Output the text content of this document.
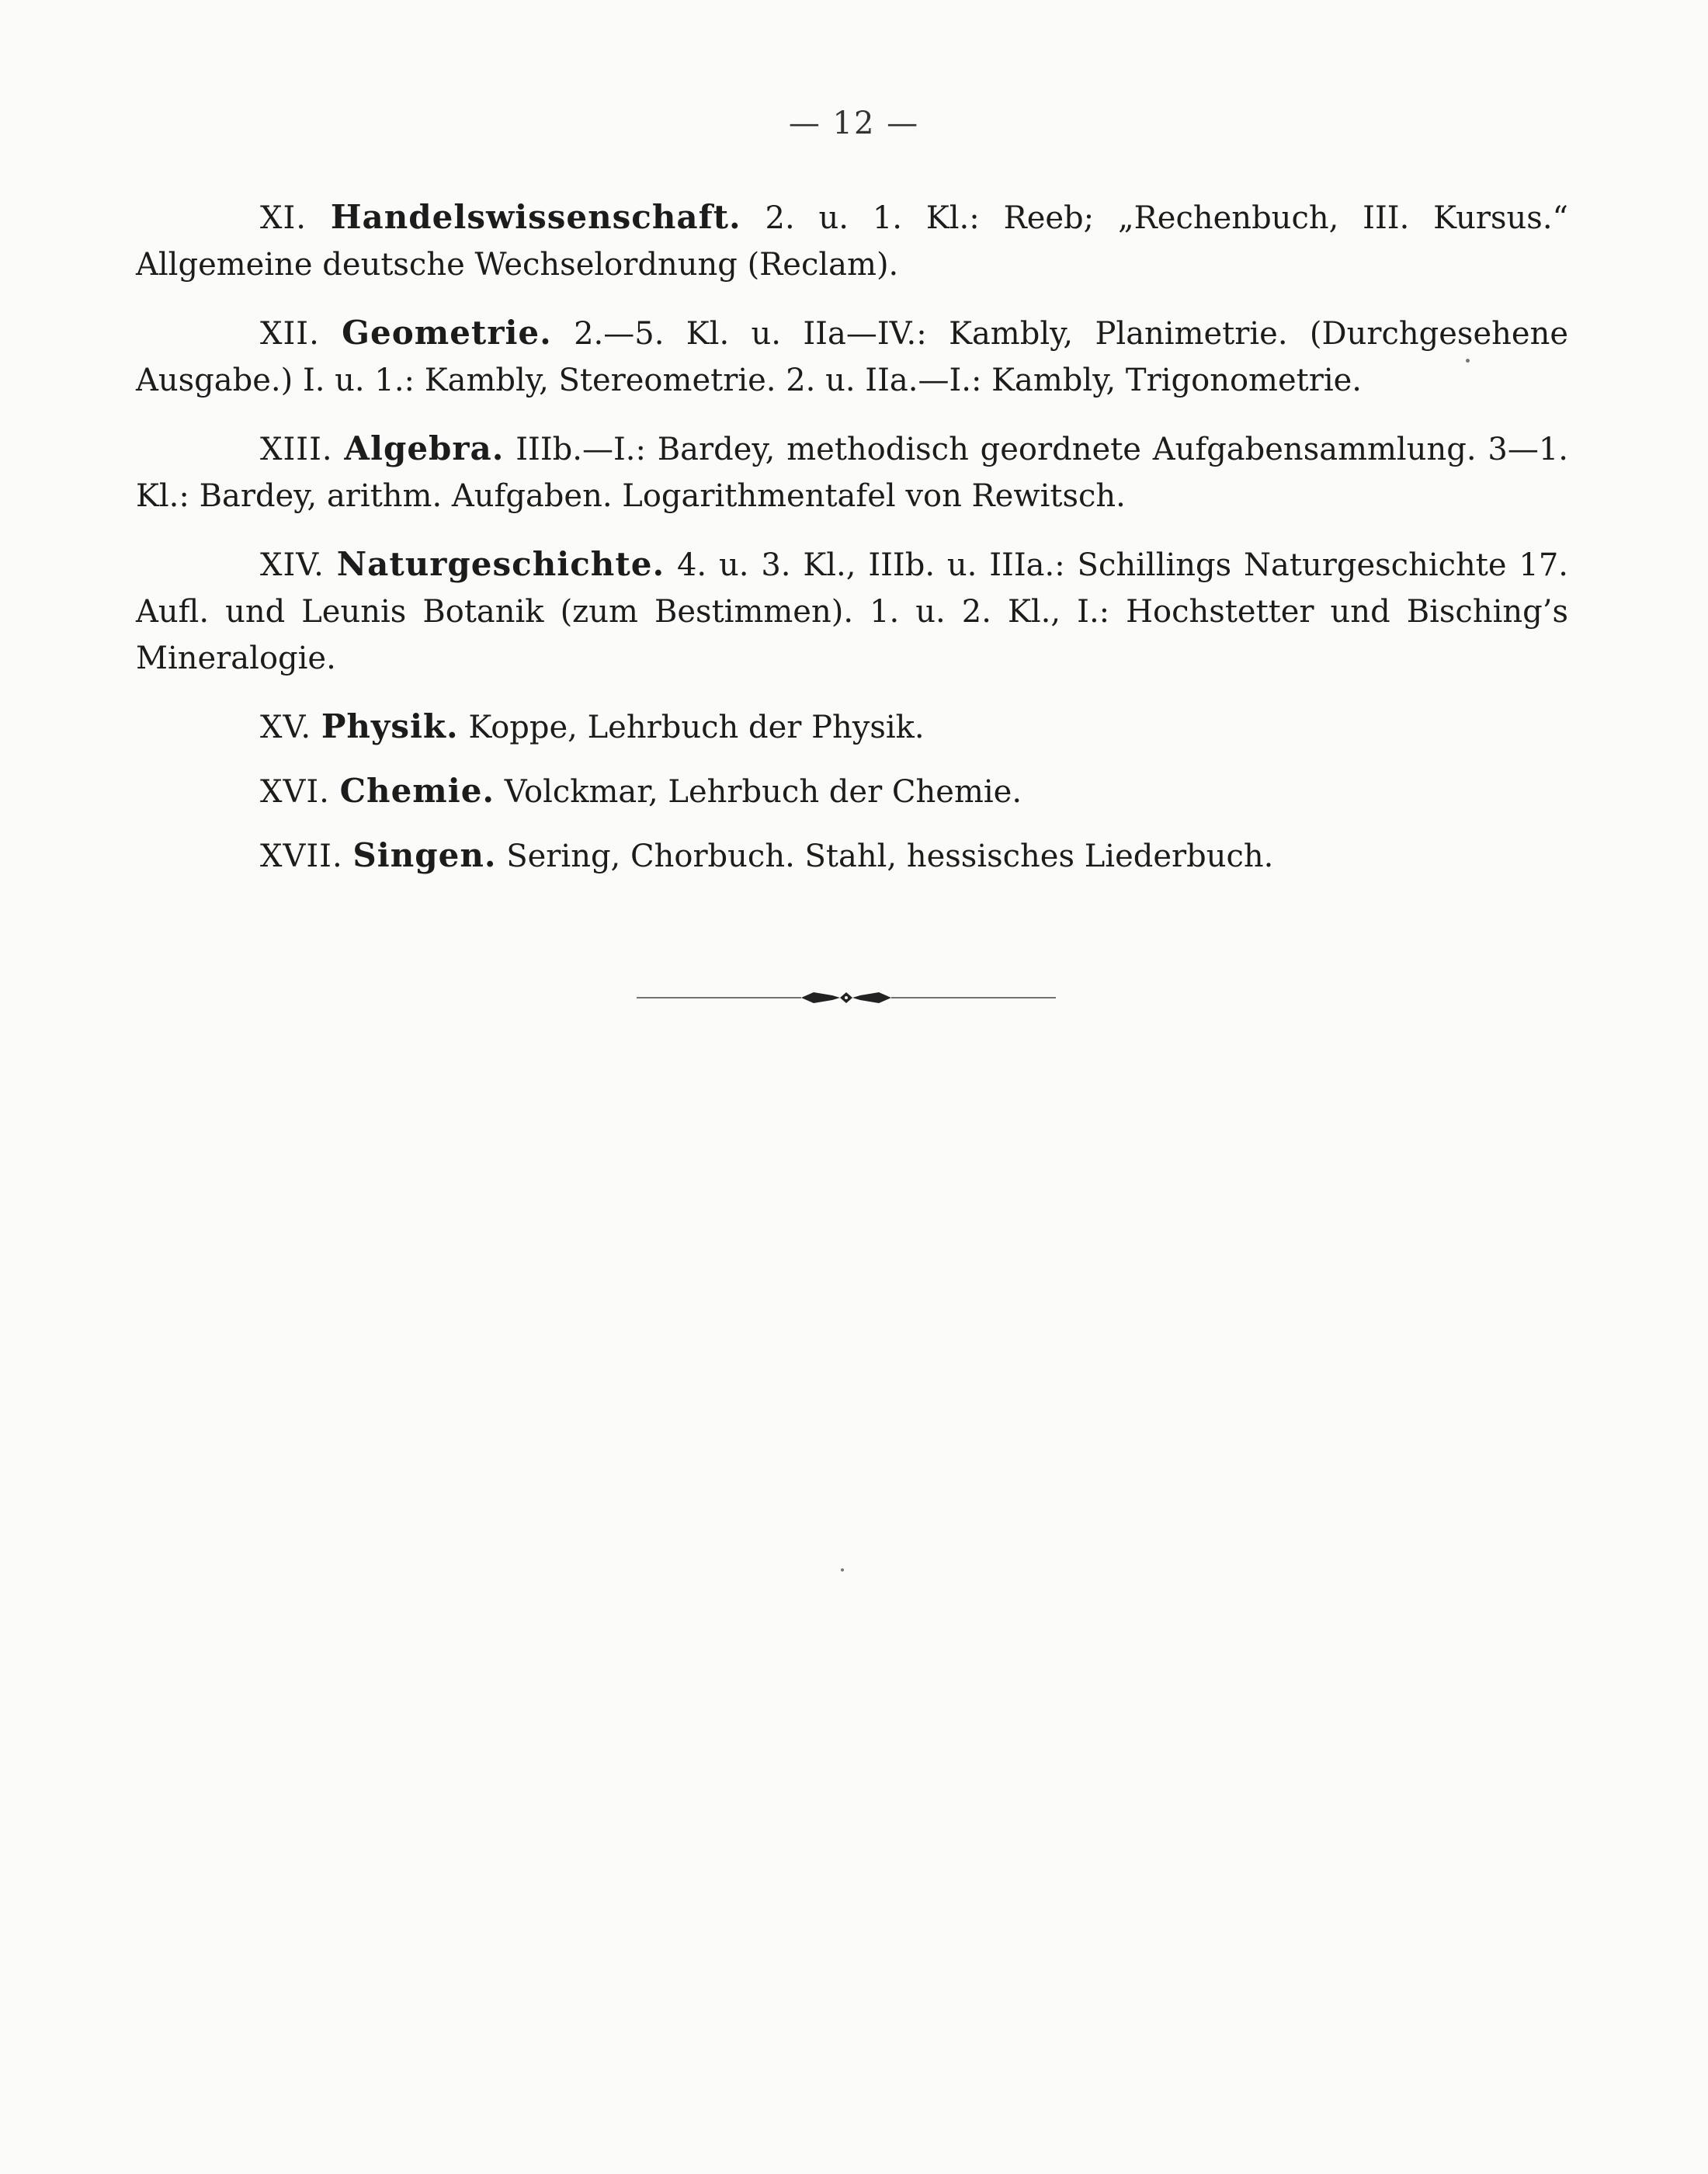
— 12 —

XI. Handelswissenschaft. 2. u. 1. Kl.: Reeb; „Rechenbuch, III. Kursus.“ Allgemeine deutsche Wechselordnung (Reclam).

XII. Geometrie. 2.—5. Kl. u. IIa—IV.: Kambly, Planimetrie. (Durchgesehene Ausgabe.) I. u. 1.: Kambly, Stereometrie. 2. u. IIa.—I.: Kambly, Trigonometrie.

XIII. Algebra. IIIb.—I.: Bardey, methodisch geordnete Aufgabensammlung. 3—1. Kl.: Bardey, arithm. Aufgaben. Logarithmentafel von Rewitsch.

XIV. Naturgeschichte. 4. u. 3. Kl., IIIb. u. IIIa.: Schillings Naturgeschichte 17. Aufl. und Leunis Botanik (zum Bestimmen). 1. u. 2. Kl., I.: Hochstetter und Bisching’s Mineralogie.

XV. Physik. Koppe, Lehrbuch der Physik.

XVI. Chemie. Volckmar, Lehrbuch der Chemie.

XVII. Singen. Sering, Chorbuch. Stahl, hessisches Liederbuch.
